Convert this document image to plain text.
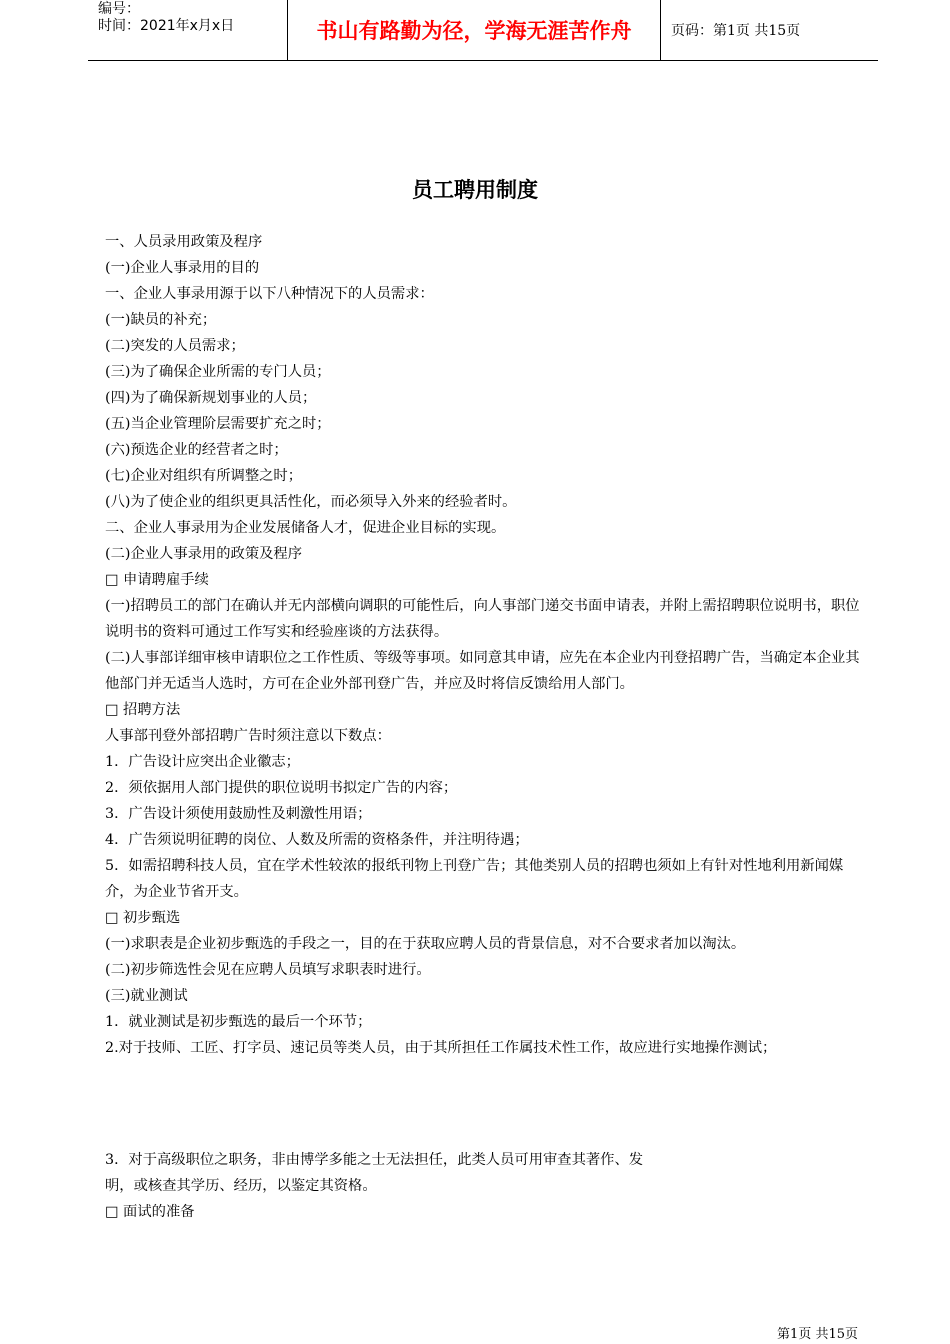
编号：
时间：2021年x月x日	书山有路勤为径，学海无涯苦作舟	页码：第1页 共15页
员工聘用制度

一、人员录用政策及程序

(一)企业人事录用的目的

一、企业人事录用源于以下八种情况下的人员需求：

(一)缺员的补充；

(二)突发的人员需求；

(三)为了确保企业所需的专门人员；

(四)为了确保新规划事业的人员；

(五)当企业管理阶层需要扩充之时；

(六)预选企业的经营者之时；

(七)企业对组织有所调整之时；

(八)为了使企业的组织更具活性化，而必须导入外来的经验者时。

二、企业人事录用为企业发展储备人才，促进企业目标的实现。

(二)企业人事录用的政策及程序

□ 申请聘雇手续

(一)招聘员工的部门在确认并无内部横向调职的可能性后，向人事部门递交书面申请表，并附上需招聘职位说明书，职位说明书的资料可通过工作写实和经验座谈的方法获得。

(二)人事部详细审核申请职位之工作性质、等级等事项。如同意其申请，应先在本企业内刊登招聘广告，当确定本企业其他部门并无适当人选时，方可在企业外部刊登广告，并应及时将信反馈给用人部门。

□ 招聘方法

人事部刊登外部招聘广告时须注意以下数点：

1．广告设计应突出企业徽志；

2．须依据用人部门提供的职位说明书拟定广告的内容；

3．广告设计须使用鼓励性及刺激性用语；

4．广告须说明征聘的岗位、人数及所需的资格条件，并注明待遇；

5．如需招聘科技人员，宜在学术性较浓的报纸刊物上刊登广告；其他类别人员的招聘也须如上有针对性地利用新闻媒介，为企业节省开支。

□ 初步甄选

(一)求职表是企业初步甄选的手段之一，目的在于获取应聘人员的背景信息，对不合要求者加以淘汰。

(二)初步筛选性会见在应聘人员填写求职表时进行。

(三)就业测试

1．就业测试是初步甄选的最后一个环节；

2.对于技师、工匠、打字员、速记员等类人员，由于其所担任工作属技术性工作，故应进行实地操作测试；

3．对于高级职位之职务，非由博学多能之士无法担任，此类人员可用审查其著作、发

明，或核查其学历、经历，以鉴定其资格。

□ 面试的准备

第1页 共15页
